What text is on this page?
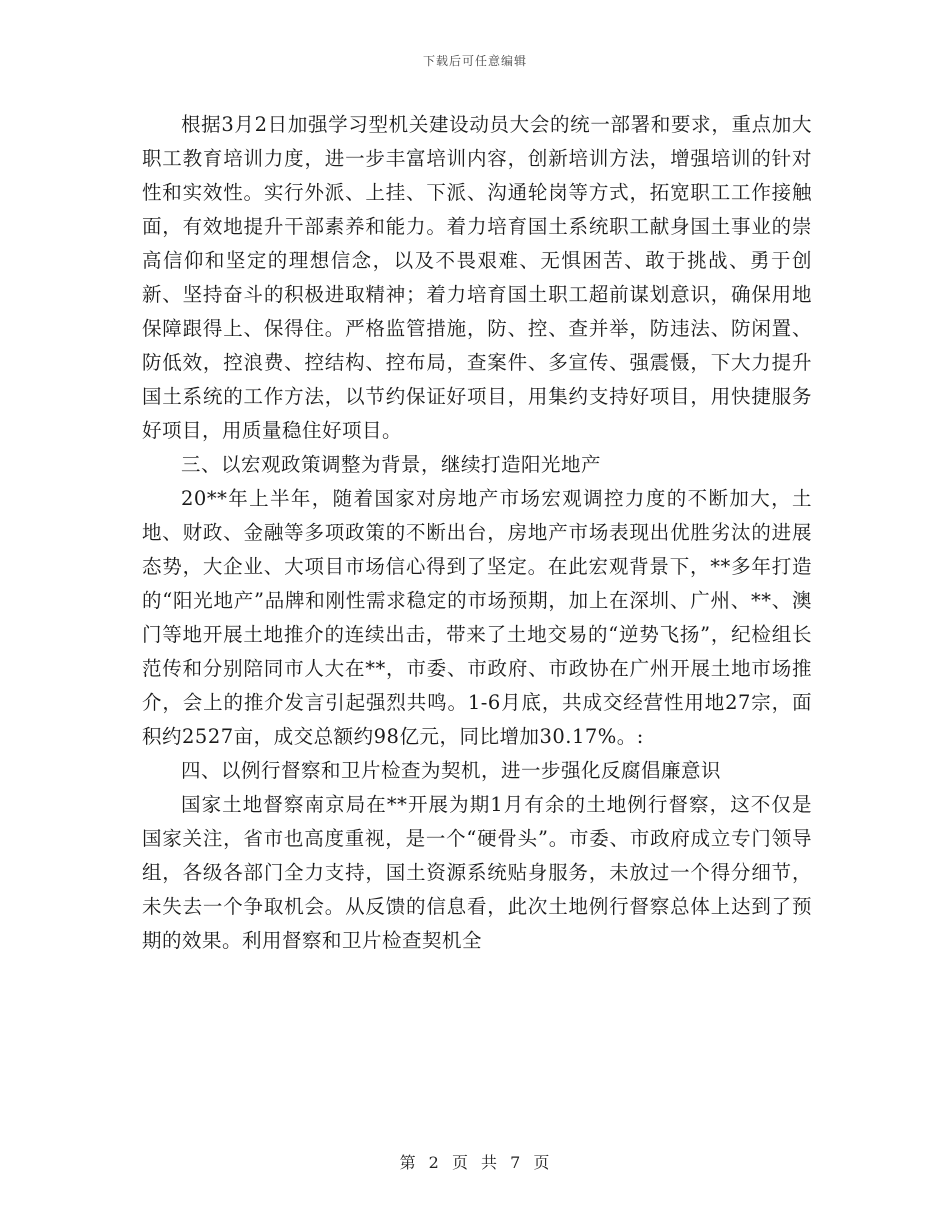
下载后可任意编辑

根据3月2日加强学习型机关建设动员大会的统一部署和要求，重点加大职工教育培训力度，进一步丰富培训内容，创新培训方法，增强培训的针对性和实效性。实行外派、上挂、下派、沟通轮岗等方式，拓宽职工工作接触面，有效地提升干部素养和能力。着力培育国土系统职工献身国土事业的崇高信仰和坚定的理想信念，以及不畏艰难、无惧困苦、敢于挑战、勇于创新、坚持奋斗的积极进取精神；着力培育国土职工超前谋划意识，确保用地保障跟得上、保得住。严格监管措施，防、控、查并举，防违法、防闲置、防低效，控浪费、控结构、控布局，查案件、多宣传、强震慑，下大力提升国土系统的工作方法，以节约保证好项目，用集约支持好项目，用快捷服务好项目，用质量稳住好项目。

三、以宏观政策调整为背景，继续打造阳光地产

20**年上半年，随着国家对房地产市场宏观调控力度的不断加大，土地、财政、金融等多项政策的不断出台，房地产市场表现出优胜劣汰的进展态势，大企业、大项目市场信心得到了坚定。在此宏观背景下，**多年打造的“阳光地产”品牌和刚性需求稳定的市场预期，加上在深圳、广州、**、澳门等地开展土地推介的连续出击，带来了土地交易的“逆势飞扬”，纪检组长范传和分别陪同市人大在**，市委、市政府、市政协在广州开展土地市场推介，会上的推介发言引起强烈共鸣。1-6月底，共成交经营性用地27宗，面积约2527亩，成交总额约98亿元，同比增加30.17%。:

四、以例行督察和卫片检查为契机，进一步强化反腐倡廉意识

国家土地督察南京局在**开展为期1月有余的土地例行督察，这不仅是国家关注，省市也高度重视，是一个“硬骨头”。市委、市政府成立专门领导组，各级各部门全力支持，国土资源系统贴身服务，未放过一个得分细节，未失去一个争取机会。从反馈的信息看，此次土地例行督察总体上达到了预期的效果。利用督察和卫片检查契机全

第 2 页 共 7 页
